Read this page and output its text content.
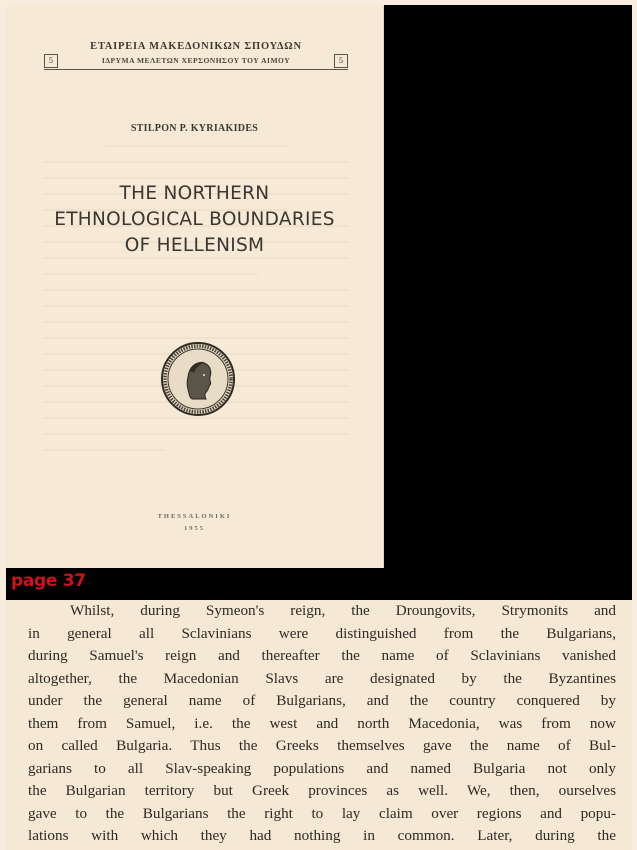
ΕΤΑΙΡΕΙΑ ΜΑΚΕΔΟΝΙΚΩΝ ΣΠΟΥΔΩΝ
5	ΙΔΡΥΜΑ ΜΕΛΕΤΩΝ ΧΕΡΣΟΝΗΣΟΥ ΤΟΥ ΑΙΜΟΥ	5
STILPON P. KYRIAKIDES
THE NORTHERN
ETHNOLOGICAL BOUNDARIES
OF HELLENISM
THESSALONIKI
1955
page 37
Whilst, during Symeon's reign, the Droungovits, Strymonits and
in general all Sclavinians were distinguished from the Bulgarians,
during Samuel's reign and thereafter the name of Sclavinians vanished
altogether, the Macedonian Slavs are designated by the Byzantines
under the general name of Bulgarians, and the country conquered by
them from Samuel, i.e. the west and north Macedonia, was from now
on called Bulgaria. Thus the Greeks themselves gave the name of Bul-
garians to all Slav-speaking populations and named Bulgaria not only
the Bulgarian territory but Greek provinces as well. We, then, ourselves
gave to the Bulgarians the right to lay claim over regions and popu-
lations with which they had nothing in common. Later, during the
